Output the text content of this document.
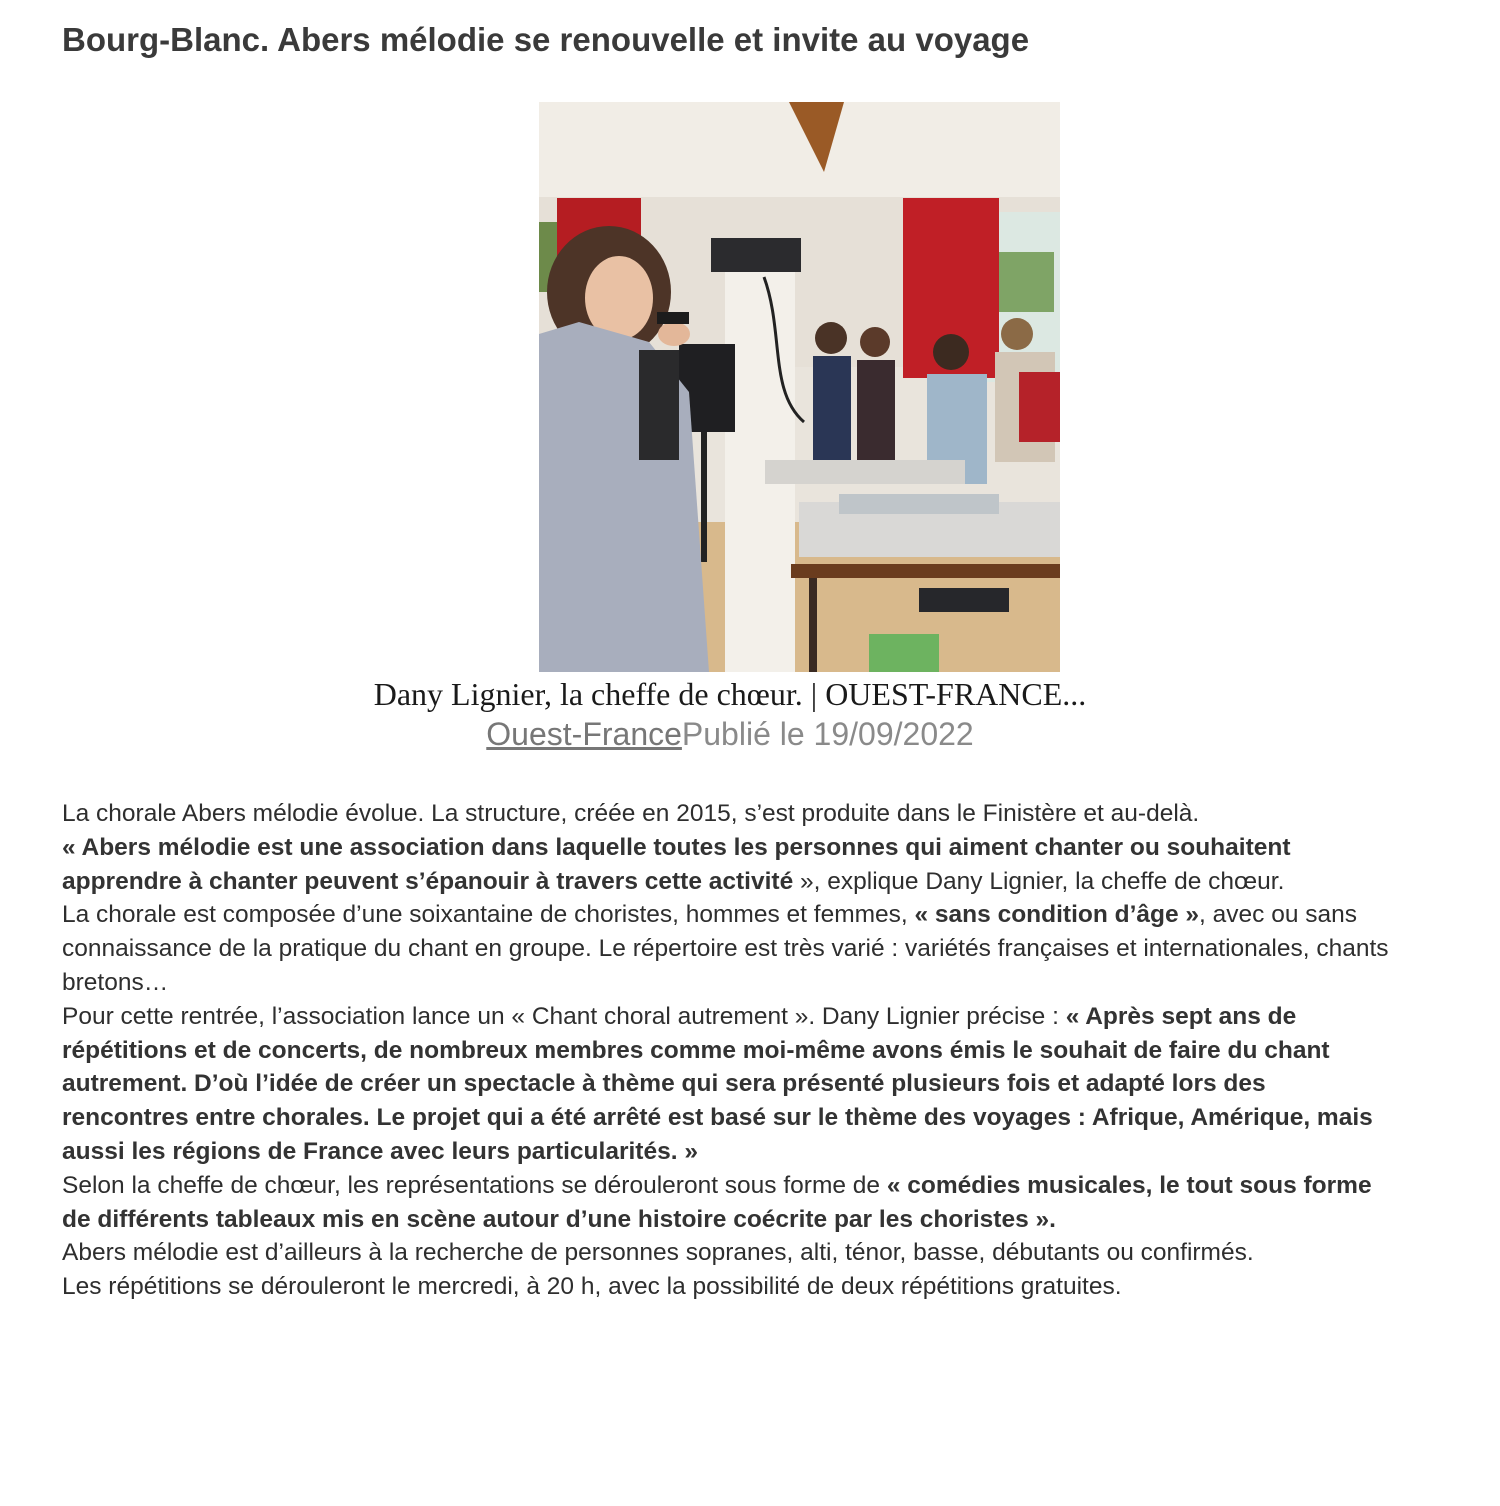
Bourg-Blanc. Abers mélodie se renouvelle et invite au voyage
Dany Lignier, la cheffe de chœur. | OUEST-FRANCE...
Ouest-FrancePublié le 19/09/2022

La chorale Abers mélodie évolue. La structure, créée en 2015, s’est produite dans le Finistère et au-delà.

« Abers mélodie est une association dans laquelle toutes les personnes qui aiment chanter ou souhaitent apprendre à chanter peuvent s’épanouir à travers cette activité », explique Dany Lignier, la cheffe de chœur.

La chorale est composée d’une soixantaine de choristes, hommes et femmes, « sans condition d’âge », avec ou sans connaissance de la pratique du chant en groupe. Le répertoire est très varié : variétés françaises et internationales, chants bretons…

Pour cette rentrée, l’association lance un « Chant choral autrement ». Dany Lignier précise : « Après sept ans de répétitions et de concerts, de nombreux membres comme moi-même avons émis le souhait de faire du chant autrement. D’où l’idée de créer un spectacle à thème qui sera présenté plusieurs fois et adapté lors des rencontres entre chorales. Le projet qui a été arrêté est basé sur le thème des voyages : Afrique, Amérique, mais aussi les régions de France avec leurs particularités. »

Selon la cheffe de chœur, les représentations se dérouleront sous forme de « comédies musicales, le tout sous forme de différents tableaux mis en scène autour d’une histoire coécrite par les choristes ».

Abers mélodie est d’ailleurs à la recherche de personnes sopranes, alti, ténor, basse, débutants ou confirmés.

Les répétitions se dérouleront le mercredi, à 20 h, avec la possibilité de deux répétitions gratuites.
